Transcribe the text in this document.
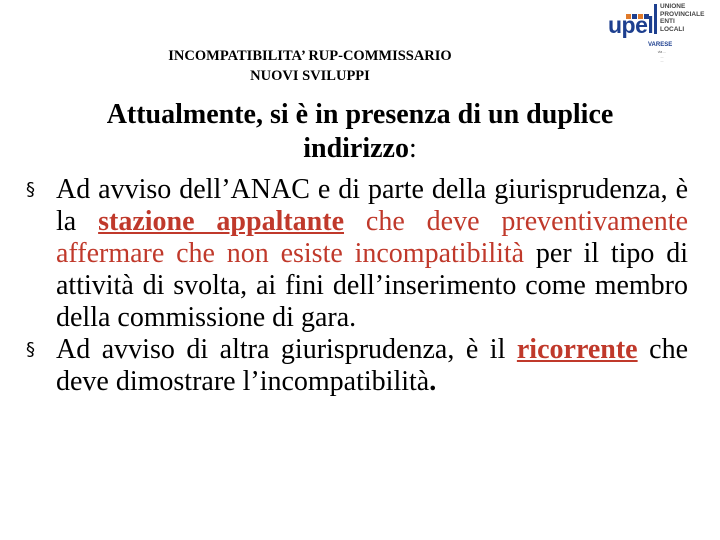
INCOMPATIBILITA’ RUP-COMMISSARIO
NUOVI SVILUPPI
upel
UNIONE
PROVINCIALE
ENTI
LOCALI
VARESE
via ...
...
...
Attualmente, si è in presenza di un duplice
indirizzo:
§ Ad avviso dell’ANAC e di parte della giurisprudenza, è la stazione appaltante che deve preventivamente affermare che non esiste incompatibilità per il tipo di attività di svolta, ai fini dell’inserimento come membro della commissione di gara.
§ Ad avviso di altra giurisprudenza, è il ricorrente che deve dimostrare l’incompatibilità.
